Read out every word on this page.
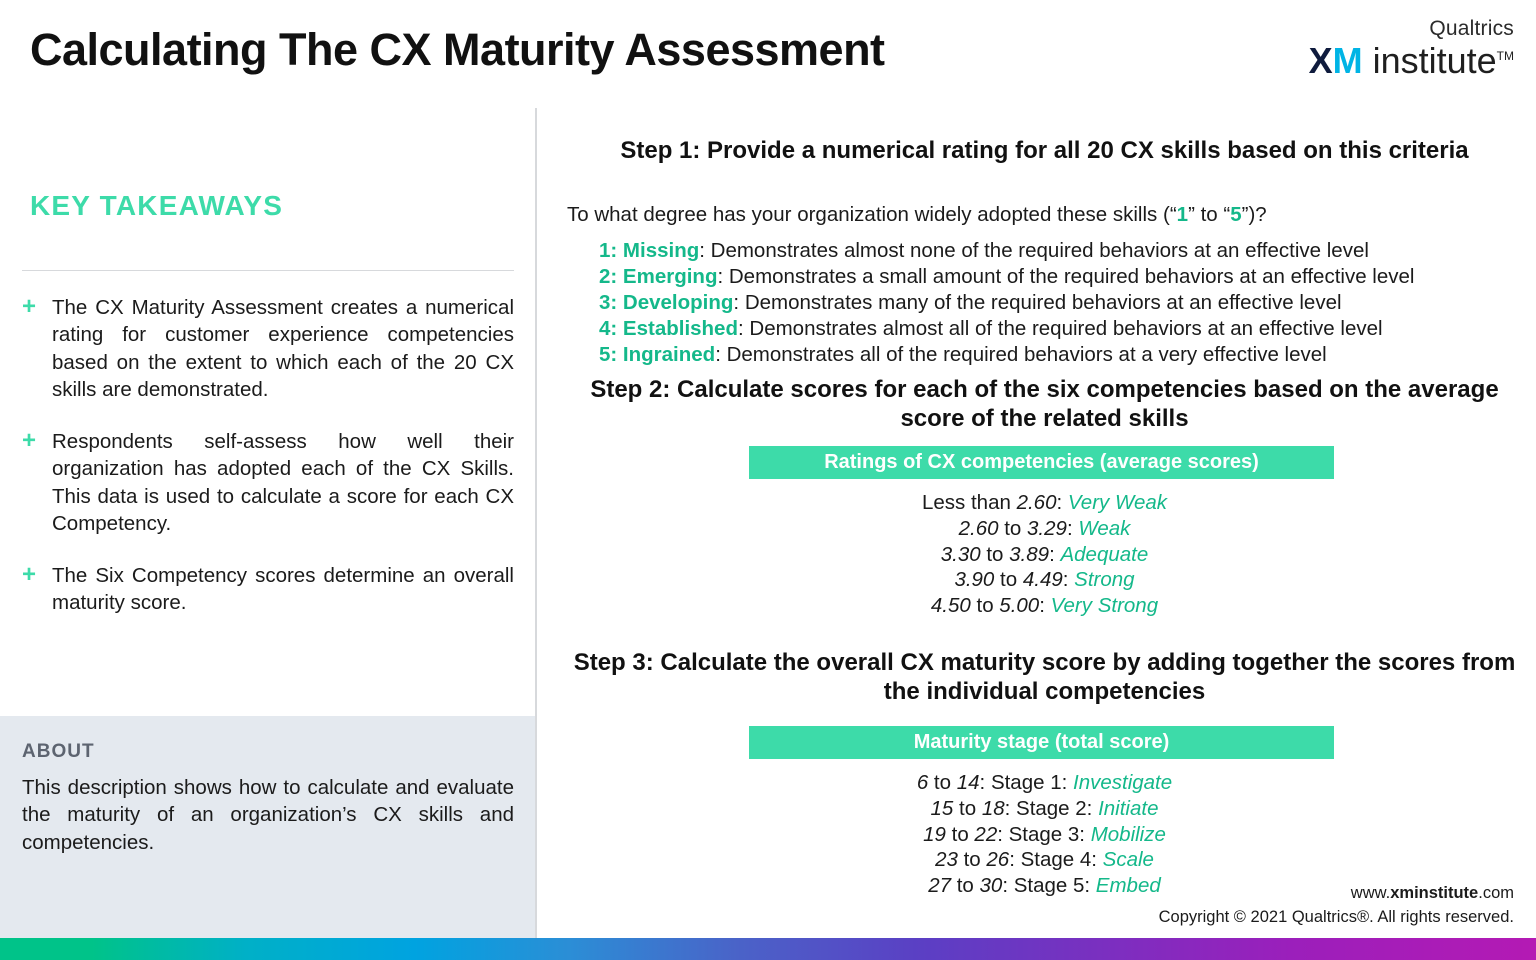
Calculating The CX Maturity Assessment	Qualtrics
XM institute™
KEY TAKEAWAYS
+ The CX Maturity Assessment creates a numerical rating for customer experience competencies based on the extent to which each of the 20 CX skills are demonstrated.
+ Respondents self-assess how well their organization has adopted each of the CX Skills. This data is used to calculate a score for each CX Competency.
+ The Six Competency scores determine an overall maturity score.
ABOUT
This description shows how to calculate and evaluate the maturity of an organization’s CX skills and competencies.
Step 1: Provide a numerical rating for all 20 CX skills based on this criteria
To what degree has your organization widely adopted these skills (“1” to “5”)?
1: Missing: Demonstrates almost none of the required behaviors at an effective level
2: Emerging: Demonstrates a small amount of the required behaviors at an effective level
3: Developing: Demonstrates many of the required behaviors at an effective level
4: Established: Demonstrates almost all of the required behaviors at an effective level
5: Ingrained: Demonstrates all of the required behaviors at a very effective level
Step 2: Calculate scores for each of the six competencies based on the average score of the related skills
Ratings of CX competencies (average scores)
Less than 2.60: Very Weak
2.60 to 3.29: Weak
3.30 to 3.89: Adequate
3.90 to 4.49: Strong
4.50 to 5.00: Very Strong
Step 3: Calculate the overall CX maturity score by adding together the scores from the individual competencies
Maturity stage (total score)
6 to 14: Stage 1: Investigate
15 to 18: Stage 2: Initiate
19 to 22: Stage 3: Mobilize
23 to 26: Stage 4: Scale
27 to 30: Stage 5: Embed	www.xminstitute.com
Copyright © 2021 Qualtrics®. All rights reserved.
